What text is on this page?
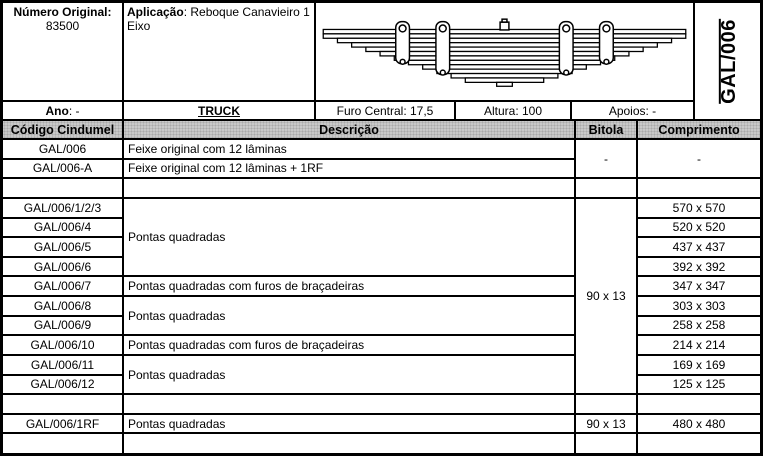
Número Original:
83500
Aplicação: Reboque Canavieiro 1 Eixo	GAL/006
Ano : -	TRUCK	Furo Central: 17,5	Altura: 100	Apoios: -
Código Cindumel	Descrição	Bitola	Comprimento
GAL/006	Feixe original com 12 lâminas	-	-
GAL/006-A	Feixe original com 12 lâminas + 1RF		

GAL/006/1/2/3	Pontas quadradas	90 x 13	570 x 570
GAL/006/4			520 x 520
GAL/006/5			437 x 437
GAL/006/6			392 x 392
GAL/006/7	Pontas quadradas com furos de braçadeiras		347 x 347
GAL/006/8	Pontas quadradas		303 x 303
GAL/006/9			258 x 258
GAL/006/10	Pontas quadradas com furos de braçadeiras		214 x 214
GAL/006/11	Pontas quadradas		169 x 169
GAL/006/12			125 x 125

GAL/006/1RF	Pontas quadradas	90 x 13	480 x 480
